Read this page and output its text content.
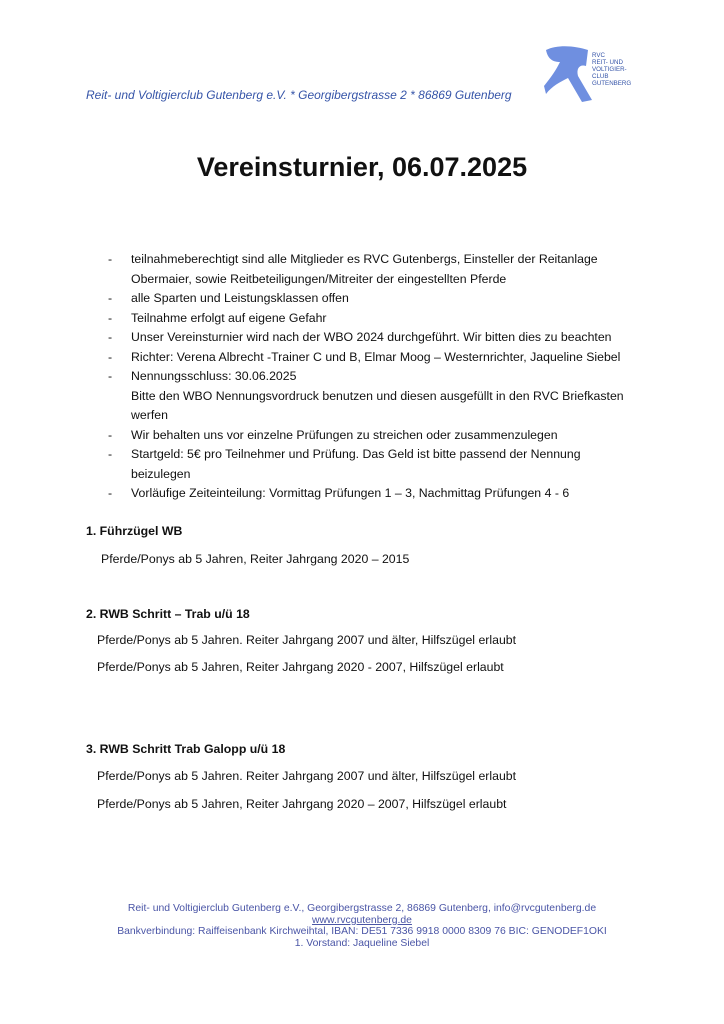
Reit- und Voltigierclub Gutenberg e.V. * Georgibergstrasse 2 * 86869 Gutenberg
RVC
REIT- UND
VOLTIGIER-
CLUB
GUTENBERG
Vereinsturnier, 06.07.2025
-	teilnahmeberechtigt sind alle Mitglieder es RVC Gutenbergs, Einsteller der Reitanlage
Obermaier, sowie Reitbeteiligungen/Mitreiter der eingestellten Pferde
-	alle Sparten und Leistungsklassen offen
-	Teilnahme erfolgt auf eigene Gefahr
-	Unser Vereinsturnier wird nach der WBO 2024 durchgeführt. Wir bitten dies zu beachten
-	Richter: Verena Albrecht -Trainer C und B, Elmar Moog – Westernrichter, Jaqueline Siebel
-	Nennungsschluss: 30.06.2025
Bitte den WBO Nennungsvordruck benutzen und diesen ausgefüllt in den RVC Briefkasten
werfen
-	Wir behalten uns vor einzelne Prüfungen zu streichen oder zusammenzulegen
-	Startgeld: 5€ pro Teilnehmer und Prüfung. Das Geld ist bitte passend der Nennung
beizulegen
-	Vorläufige Zeiteinteilung: Vormittag Prüfungen 1 – 3, Nachmittag Prüfungen 4 - 6
1. Führzügel WB
Pferde/Ponys ab 5 Jahren, Reiter Jahrgang 2020 – 2015
2. RWB Schritt – Trab u/ü 18
Pferde/Ponys ab 5 Jahren. Reiter Jahrgang 2007 und älter, Hilfszügel erlaubt
Pferde/Ponys ab 5 Jahren, Reiter Jahrgang 2020 - 2007, Hilfszügel erlaubt
3. RWB Schritt Trab Galopp u/ü 18
Pferde/Ponys ab 5 Jahren. Reiter Jahrgang 2007 und älter, Hilfszügel erlaubt
Pferde/Ponys ab 5 Jahren, Reiter Jahrgang 2020 – 2007, Hilfszügel erlaubt
Reit- und Voltigierclub Gutenberg e.V., Georgibergstrasse 2, 86869 Gutenberg, info@rvcgutenberg.de
www.rvcgutenberg.de
Bankverbindung: Raiffeisenbank Kirchweihtal, IBAN: DE51 7336 9918 0000 8309 76 BIC: GENODEF1OKI
1. Vorstand: Jaqueline Siebel
